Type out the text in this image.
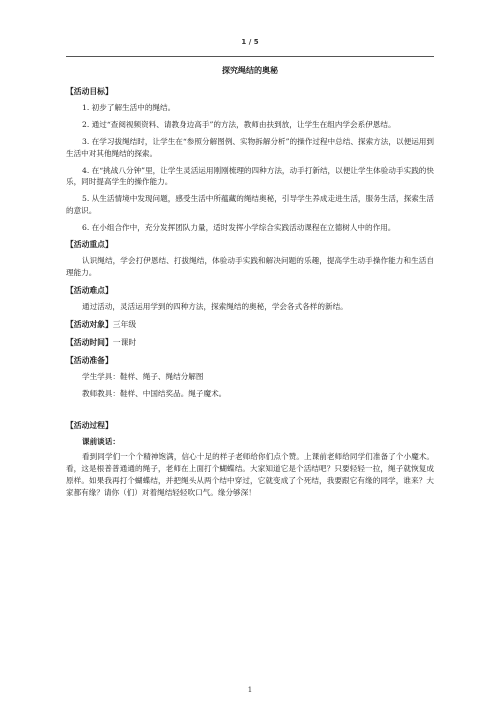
1 / 5
探究绳结的奥秘
【活动目标】

1. 初步了解生活中的绳结。

2. 通过“查阅视频资料、请教身边高手”的方法，教师由扶到放，让学生在组内学会系伊恩结。

3. 在学习拔绳结时，让学生在“参照分解图例、实物拆解分析”的操作过程中总结、探索方法，以便运用到生活中对其他绳结的探索。

4. 在“挑战八分钟”里，让学生灵活运用刚刚梳理的四种方法，动手打新结，以便让学生体验动手实践的快乐，同时提高学生的操作能力。

5. 从生活情境中发现问题，感受生活中所蕴藏的绳结奥秘，引导学生养成走进生活，服务生活，探索生活的意识。

6. 在小组合作中，充分发挥团队力量，适时发挥小学综合实践活动课程在立德树人中的作用。

【活动重点】

认识绳结，学会打伊恩结、打拔绳结，体验动手实践和解决问题的乐趣，提高学生动手操作能力和生活自理能力。

【活动难点】

通过活动，灵活运用学到的四种方法，探索绳结的奥秘，学会各式各样的新结。

【活动对象】三年级
【活动时间】一课时
【活动准备】

学生学具：鞋样、绳子、绳结分解图

教师教具：鞋样、中国结奖品。绳子魔术。

【活动过程】
课前谈话：

看到同学们一个个精神饱满，信心十足的样子老师给你们点个赞。上课前老师给同学们准备了个小魔术。看，这是根普普通通的绳子，老师在上面打个蝴蝶结。大家知道它是个活结吧？只要轻轻一拉，绳子就恢复成原样。如果我再打个蝴蝶结，并把绳头从两个结中穿过，它就变成了个死结，我要跟它有缘的同学，谁来？大家都有缘？请你（们）对着绳结轻轻吹口气。缘分够深！

1
